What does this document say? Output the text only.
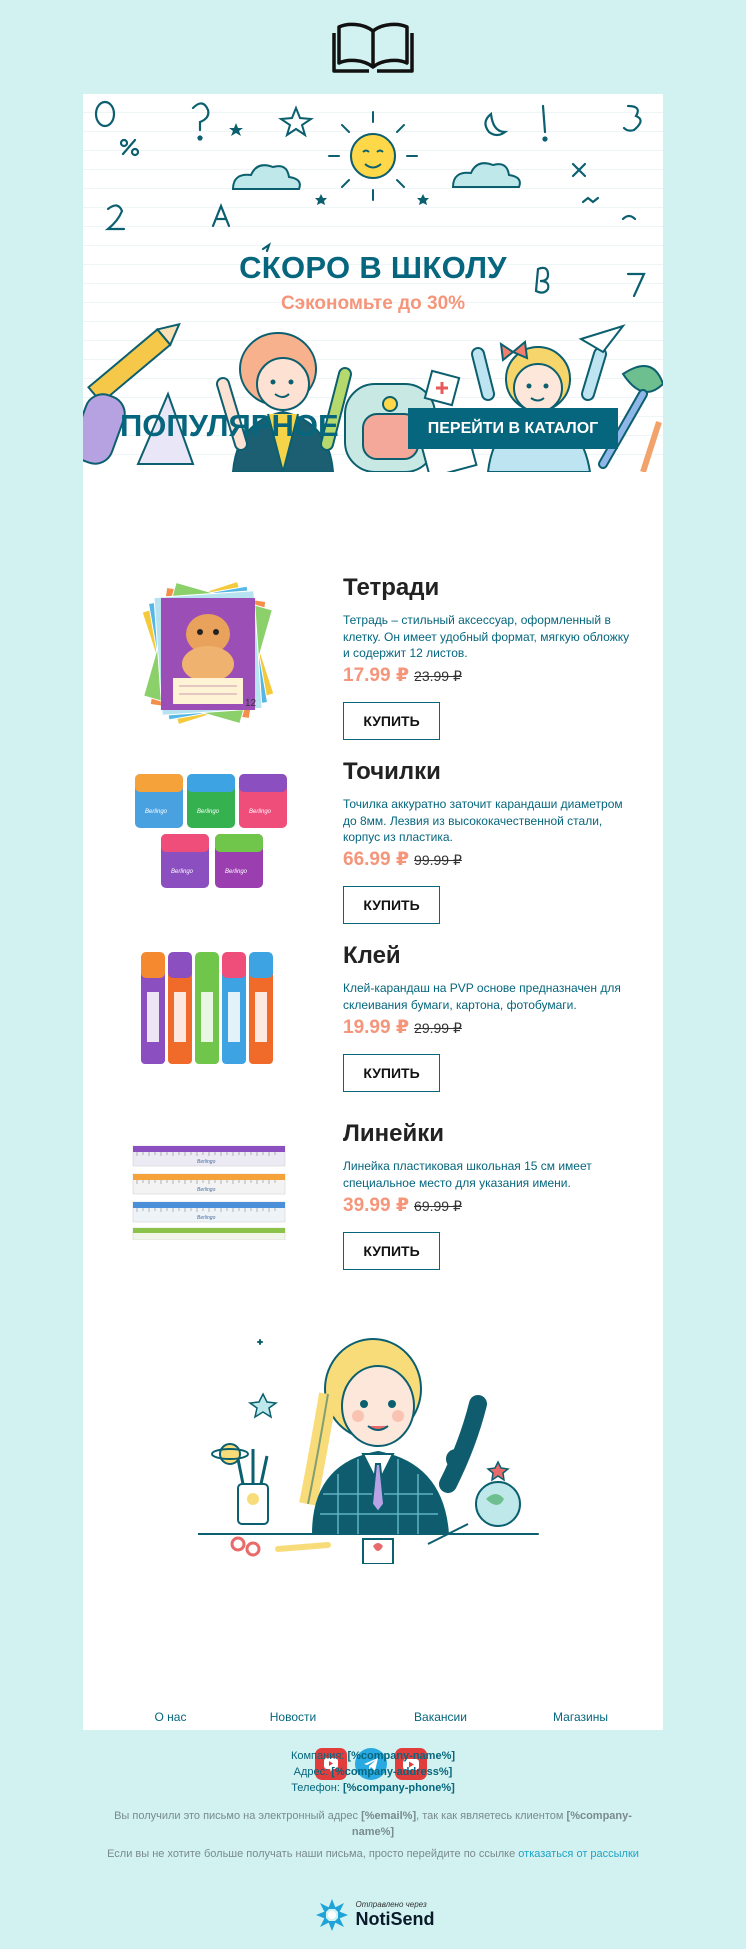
СКОРО В ШКОЛУ
Сэкономьте до 30%
ПОПУЛЯРНОЕ	ПЕРЕЙТИ В КАТАЛОГ
12
Тетради
Тетрадь – стильный аксессуар, оформленный в клетку. Он имеет удобный формат, мягкую обложку и содержит 12 листов.
17.99 ₽ 23.99 ₽
КУПИТЬ
Berlingo	Berlingo	Berlingo
Berlingo	Berlingo
Точилки
Точилка аккуратно заточит карандаши диаметром до 8мм. Лезвия из высококачественной стали, корпус из пластика.
66.99 ₽ 99.99 ₽
КУПИТЬ
Клей
Клей-карандаш на PVP основе предназначен для склеивания бумаги, картона, фотобумаги.
19.99 ₽ 29.99 ₽
КУПИТЬ
Berlingo
Berlingo
Berlingo
Линейки
Линейка пластиковая школьная 15 см имеет специальное место для указания имени.
39.99 ₽ 69.99 ₽
КУПИТЬ
О нас	Новости	Вакансии	Магазины
Компания: [%company-name%]
Адрес: [%company-address%]
Телефон: [%company-phone%]
Вы получили это письмо на электронный адрес [%email%], так как являетесь клиентом [%company-name%]
Если вы не хотите больше получать наши письма, просто перейдите по ссылке отказаться от рассылки
Отправлено через
NotiSend
